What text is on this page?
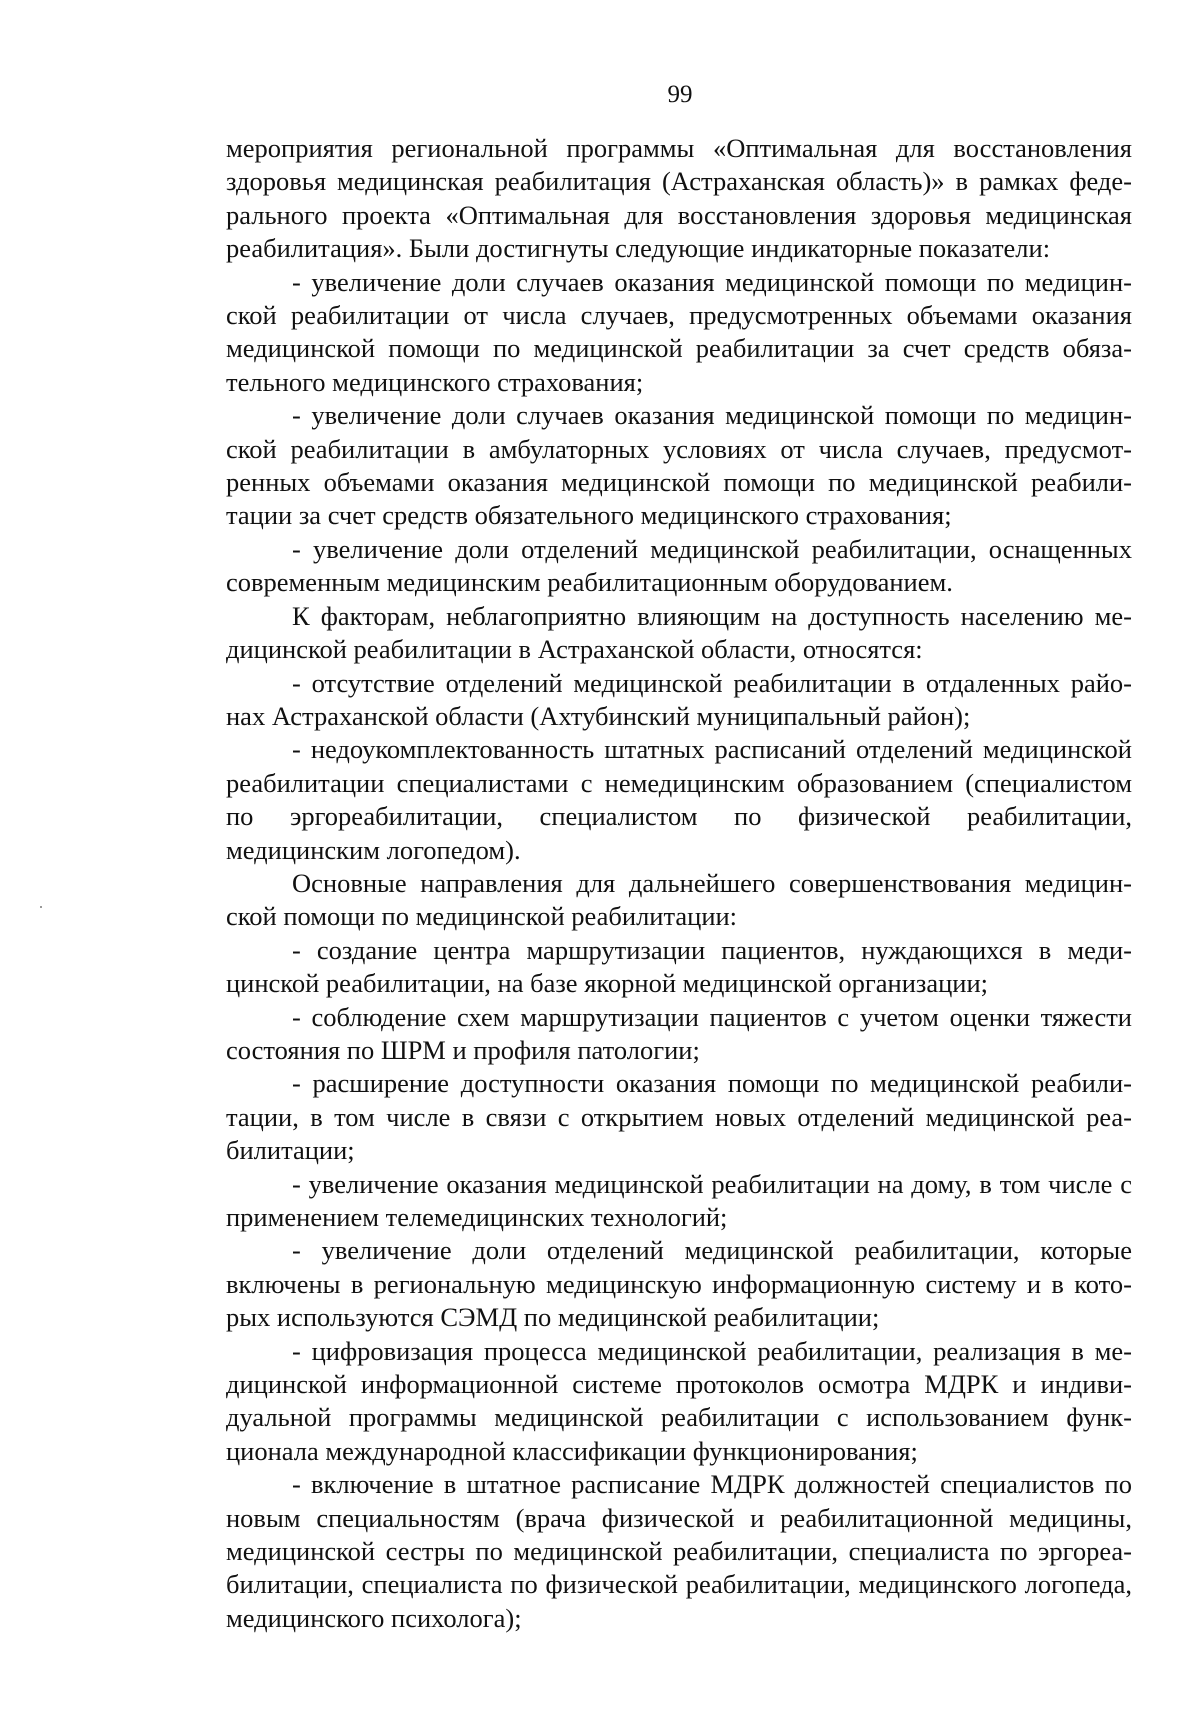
99

мероприятия региональной программы «Оптимальная для восстановления здоровья медицинская реабилитация (Астраханская область)» в рамках федерального проекта «Оптимальная для восстановления здоровья медицинская реабилитация». Были достигнуты следующие индикаторные показатели:

- увеличение доли случаев оказания медицинской помощи по медицинской реабилитации от числа случаев, предусмотренных объемами оказания медицинской помощи по медицинской реабилитации за счет средств обязательного медицинского страхования;

- увеличение доли случаев оказания медицинской помощи по медицинской реабилитации в амбулаторных условиях от числа случаев, предусмотренных объемами оказания медицинской помощи по медицинской реабилитации за счет средств обязательного медицинского страхования;

- увеличение доли отделений медицинской реабилитации, оснащенных современным медицинским реабилитационным оборудованием.

К факторам, неблагоприятно влияющим на доступность населению медицинской реабилитации в Астраханской области, относятся:

- отсутствие отделений медицинской реабилитации в отдаленных районах Астраханской области (Ахтубинский муниципальный район);

- недоукомплектованность штатных расписаний отделений медицинской реабилитации специалистами с немедицинским образованием (специалистом по эргореабилитации, специалистом по физической реабилитации, медицинским логопедом).

Основные направления для дальнейшего совершенствования медицинской помощи по медицинской реабилитации:

- создание центра маршрутизации пациентов, нуждающихся в медицинской реабилитации, на базе якорной медицинской организации;

- соблюдение схем маршрутизации пациентов с учетом оценки тяжести состояния по ШРМ и профиля патологии;

- расширение доступности оказания помощи по медицинской реабилитации, в том числе в связи с открытием новых отделений медицинской реабилитации;

- увеличение оказания медицинской реабилитации на дому, в том числе с применением телемедицинских технологий;

- увеличение доли отделений медицинской реабилитации, которые включены в региональную медицинскую информационную систему и в которых используются СЭМД по медицинской реабилитации;

- цифровизация процесса медицинской реабилитации, реализация в медицинской информационной системе протоколов осмотра МДРК и индивидуальной программы медицинской реабилитации с использованием функционала международной классификации функционирования;

- включение в штатное расписание МДРК должностей специалистов по новым специальностям (врача физической и реабилитационной медицины, медицинской сестры по медицинской реабилитации, специалиста по эргореабилитации, специалиста по физической реабилитации, медицинского логопеда, медицинского психолога);
